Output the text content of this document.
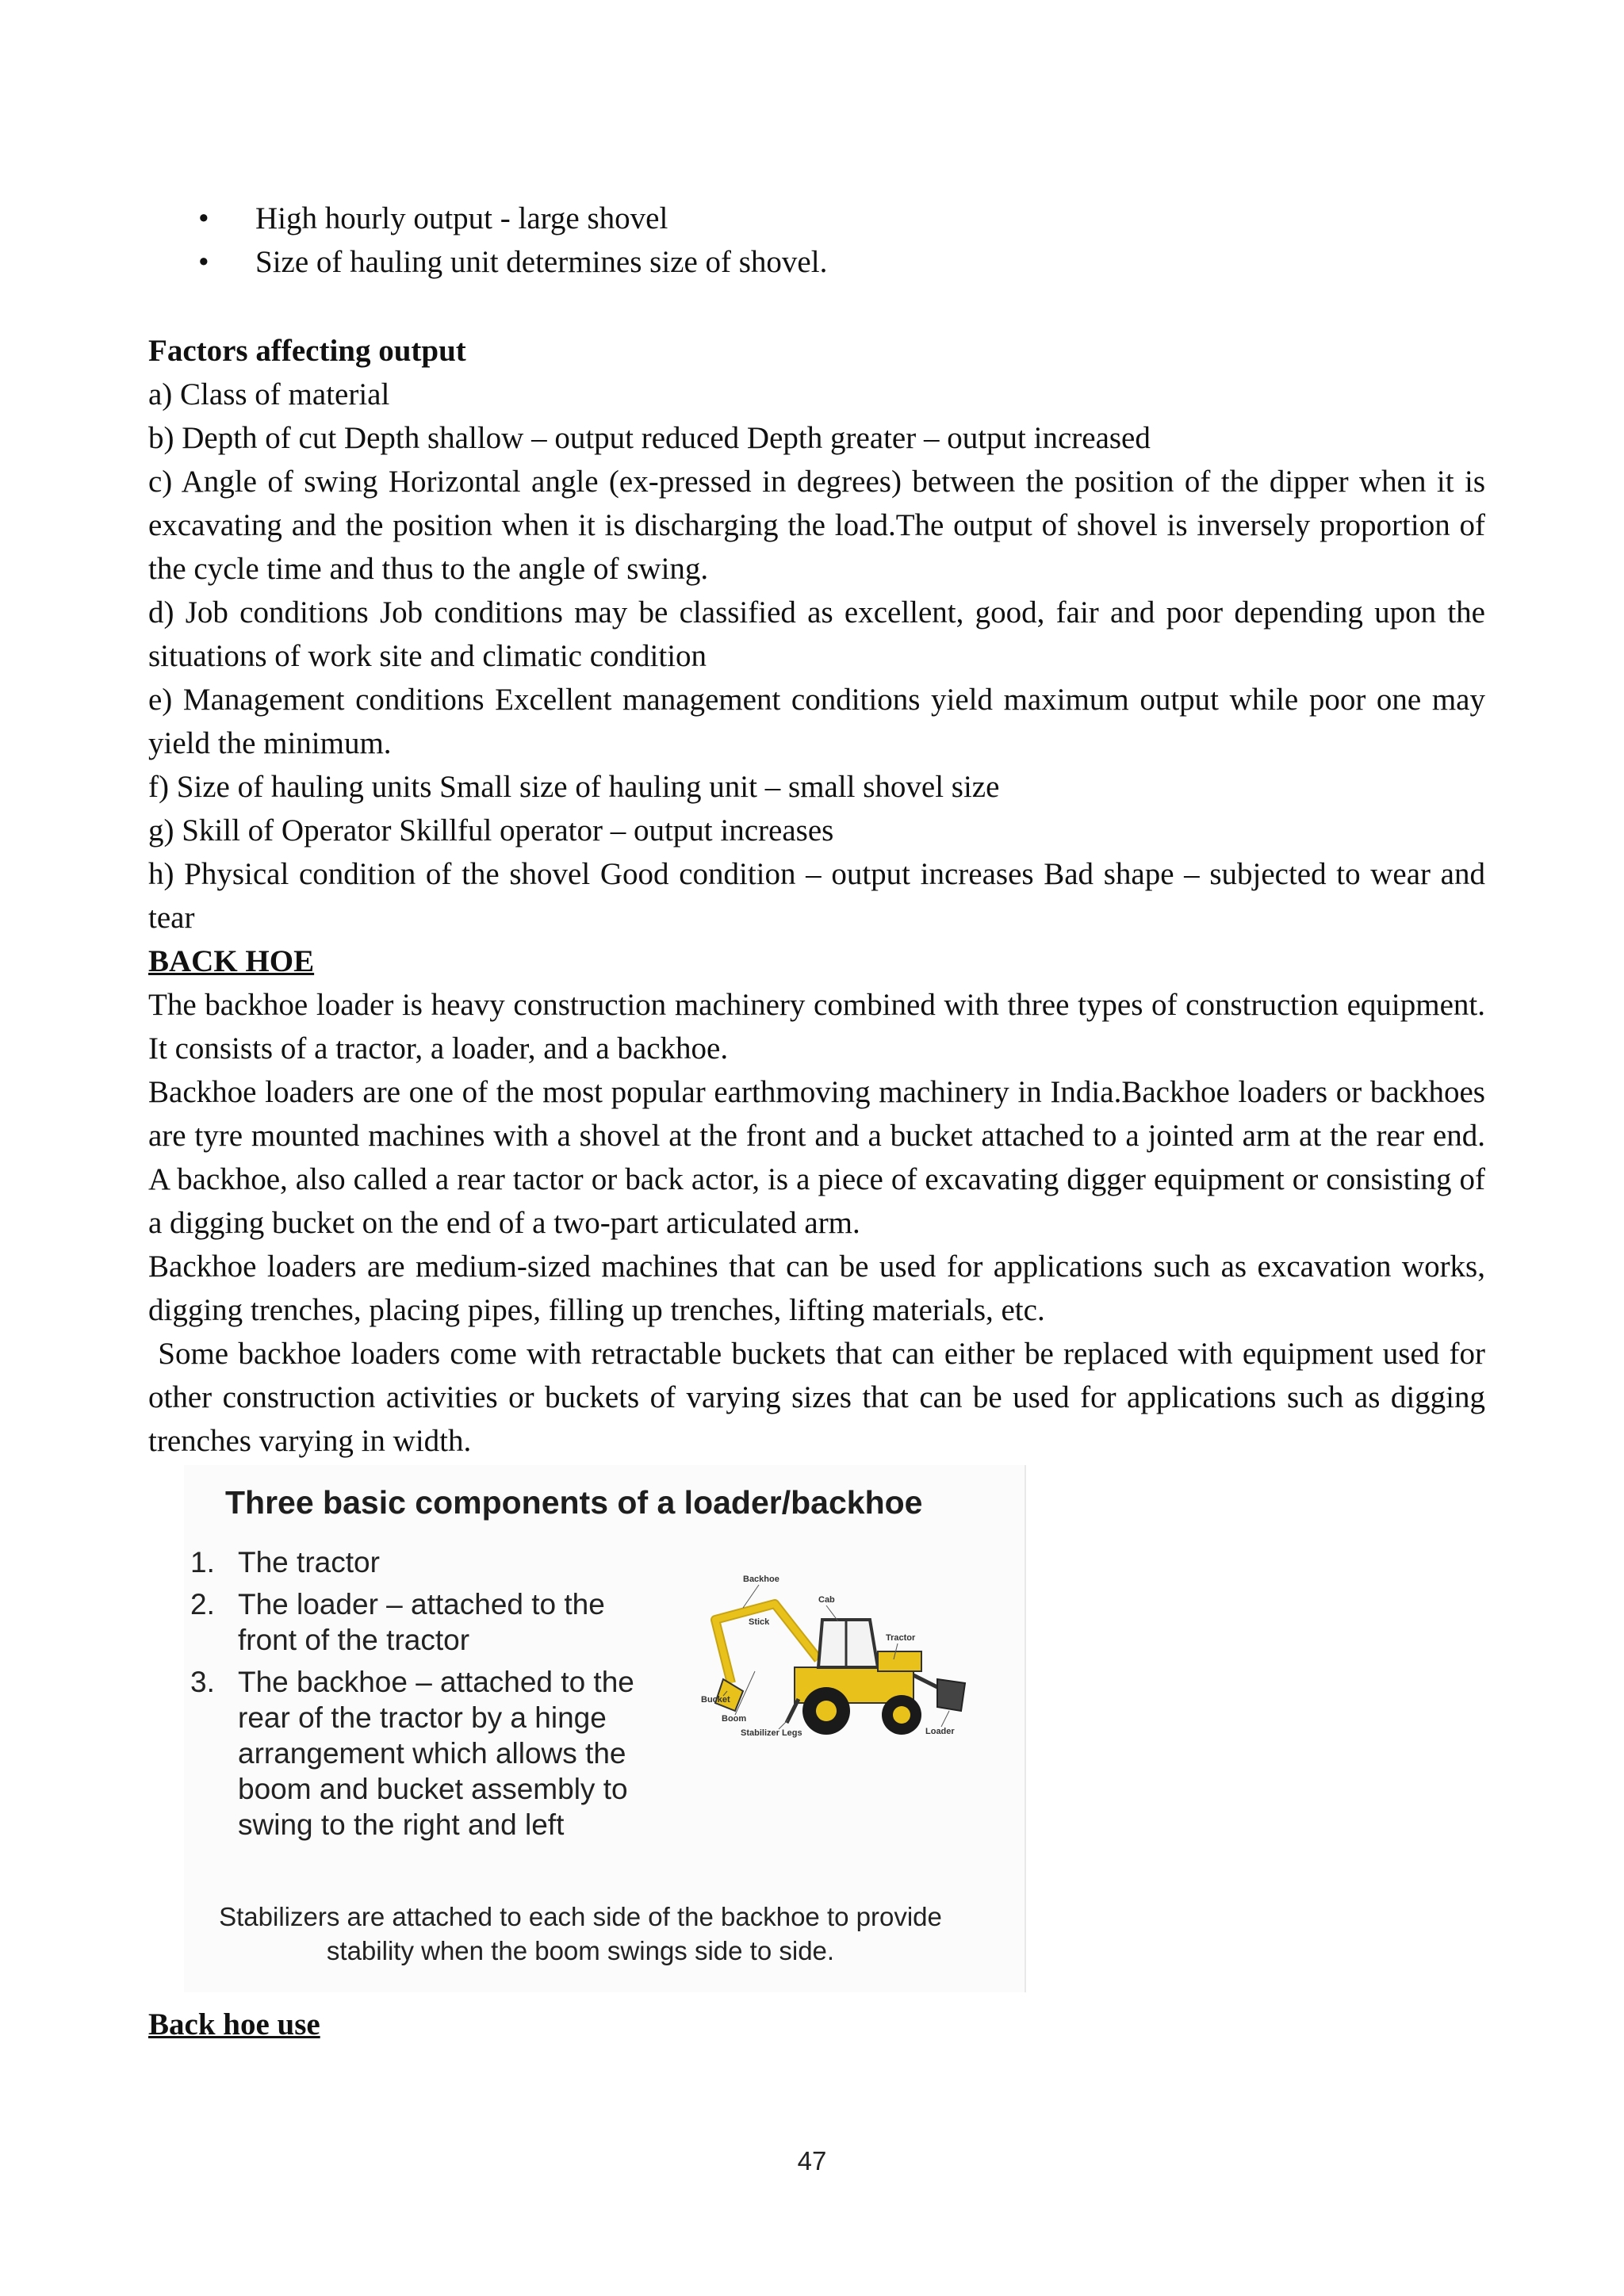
• High hourly output - large shovel
• Size of hauling unit determines size of shovel.

Factors affecting output

a) Class of material

b) Depth of cut Depth shallow – output reduced Depth greater – output increased

c) Angle of swing Horizontal angle (ex-pressed in degrees) between the position of the dipper when it is excavating and the position when it is discharging the load.The output of shovel is inversely proportion of the cycle time and thus to the angle of swing.

d) Job conditions Job conditions may be classified as excellent, good, fair and poor depending upon the situations of work site and climatic condition

e) Management conditions Excellent management conditions yield maximum output while poor one may yield the minimum.

f) Size of hauling units Small size of hauling unit – small shovel size

g) Skill of Operator Skillful operator – output increases

h) Physical condition of the shovel Good condition – output increases Bad shape – subjected to wear and tear

BACK HOE

The backhoe loader is heavy construction machinery combined with three types of construction equipment. It consists of a tractor, a loader, and a backhoe.

Backhoe loaders are one of the most popular earthmoving machinery in India.Backhoe loaders or backhoes are tyre mounted machines with a shovel at the front and a bucket attached to a jointed arm at the rear end. A backhoe, also called a rear tactor or back actor, is a piece of excavating digger equipment or consisting of a digging bucket on the end of a two-part articulated arm.

Backhoe loaders are medium-sized machines that can be used for applications such as excavation works, digging trenches, placing pipes, filling up trenches, lifting materials, etc.

Some backhoe loaders come with retractable buckets that can either be replaced with equipment used for other construction activities or buckets of varying sizes that can be used for applications such as digging trenches varying in width.

Three basic components of a loader/backhoe
1. The tractor
2. The loader – attached to the front of the tractor
3. The backhoe – attached to the rear of the tractor by a hinge arrangement which allows the boom and bucket assembly to swing to the right and left
Backhoe
Cab
Stick
Tractor
Bucket
Boom
Stabilizer Legs	Loader
Stabilizers are attached to each side of the backhoe to provide
stability when the boom swings side to side.
Back hoe use
47
